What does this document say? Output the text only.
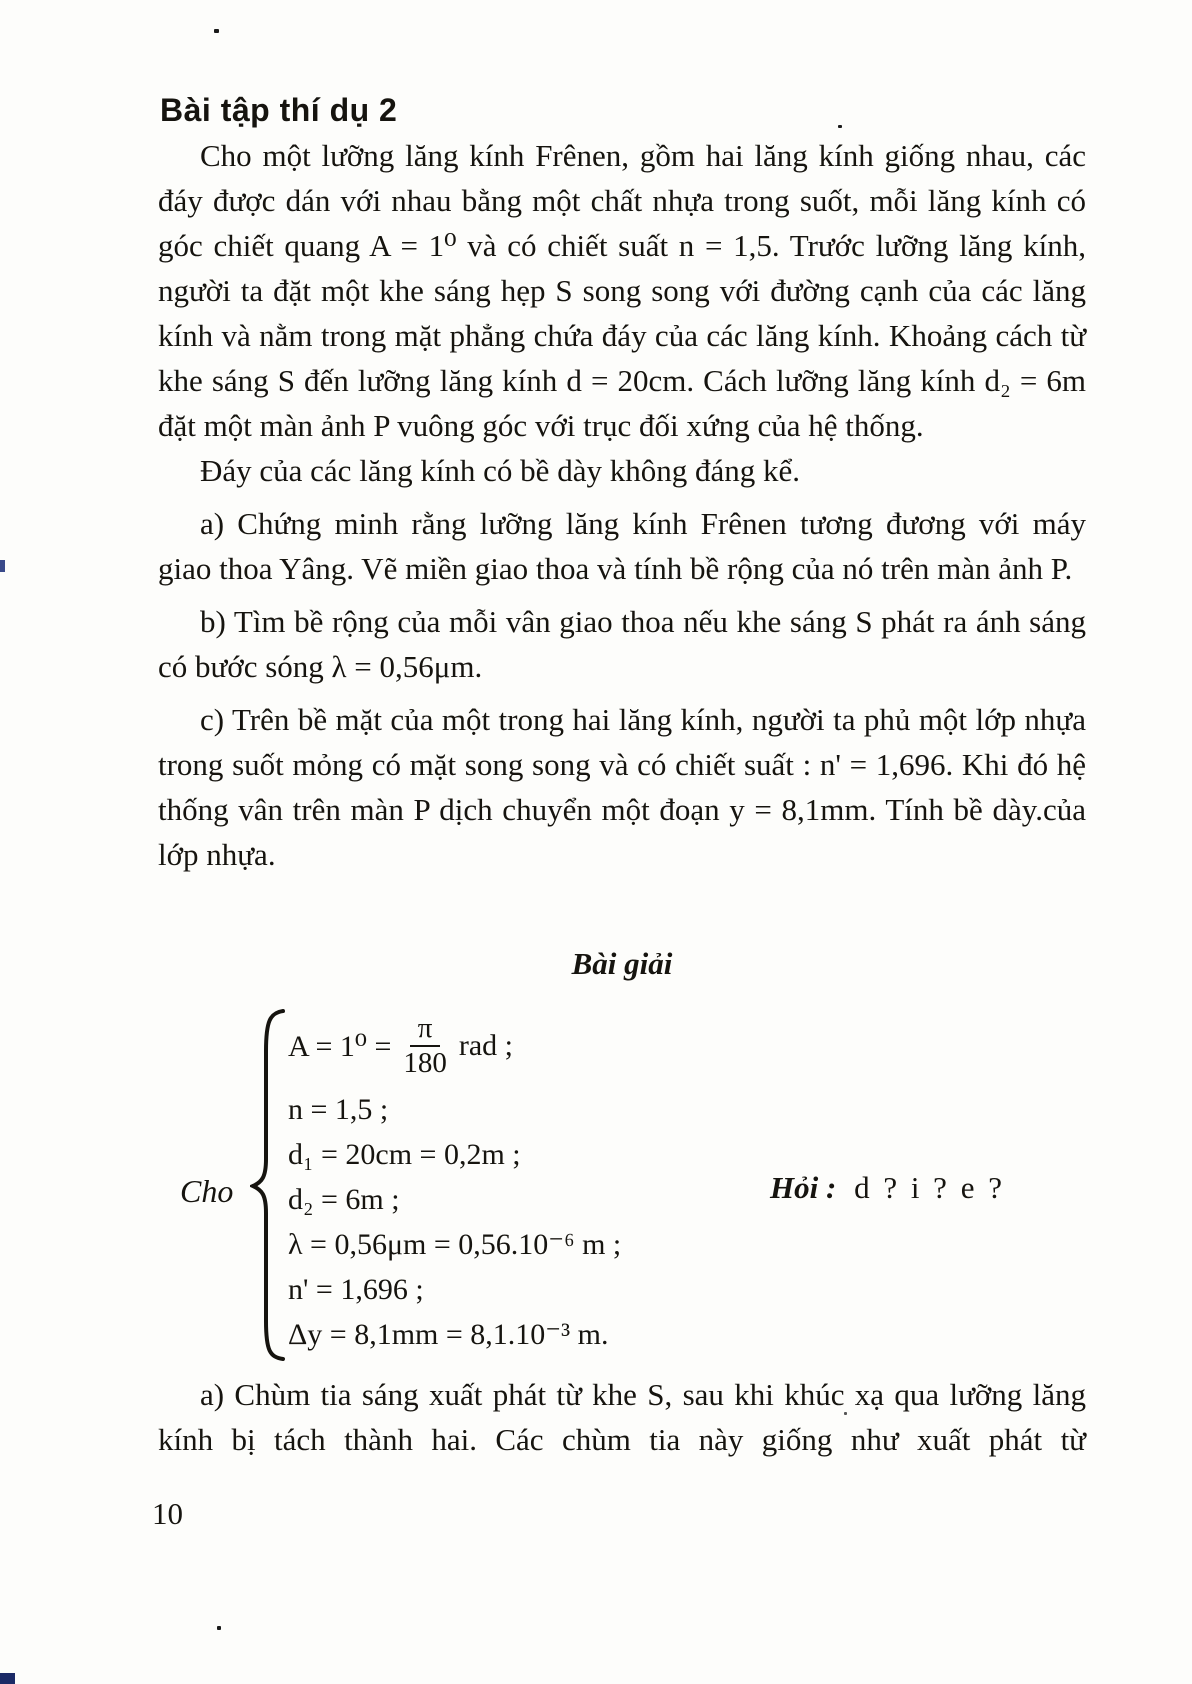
Bài tập thí dụ 2

Cho một lưỡng lăng kính Frênen, gồm hai lăng kính giống nhau, các đáy được dán với nhau bằng một chất nhựa trong suốt, mỗi lăng kính có góc chiết quang A = 1⁰ và có chiết suất n = 1,5. Trước lưỡng lăng kính, người ta đặt một khe sáng hẹp S song song với đường cạnh của các lăng kính và nằm trong mặt phẳng chứa đáy của các lăng kính. Khoảng cách từ khe sáng S đến lưỡng lăng kính d = 20cm. Cách lưỡng lăng kính d₂ = 6m đặt một màn ảnh P vuông góc với trục đối xứng của hệ thống.

Đáy của các lăng kính có bề dày không đáng kể.

a) Chứng minh rằng lưỡng lăng kính Frênen tương đương với máy giao thoa Yâng. Vẽ miền giao thoa và tính bề rộng của nó trên màn ảnh P.

b) Tìm bề rộng của mỗi vân giao thoa nếu khe sáng S phát ra ánh sáng có bước sóng λ = 0,56μm.

c) Trên bề mặt của một trong hai lăng kính, người ta phủ một lớp nhựa trong suốt mỏng có mặt song song và có chiết suất : n' = 1,696. Khi đó hệ thống vân trên màn P dịch chuyển một đoạn y = 8,1mm. Tính bề dày.của lớp nhựa.

Bài giải
Cho
$A = 1^0 = \frac{\pi}{180}$ rad ;
n = 1,5 ;
d₁ = 20cm = 0,2m ;
d₂ = 6m ;
λ = 0,56μm = 0,56.10⁻⁶ m ;
n' = 1,696 ;
Δy = 8,1mm = 8,1.10⁻³ m.
Hỏi : d ? i ? e ?
a) Chùm tia sáng xuất phát từ khe S, sau khi khúc xạ qua lưỡng lăng kính bị tách thành hai. Các chùm tia này giống như xuất phát từ
10
